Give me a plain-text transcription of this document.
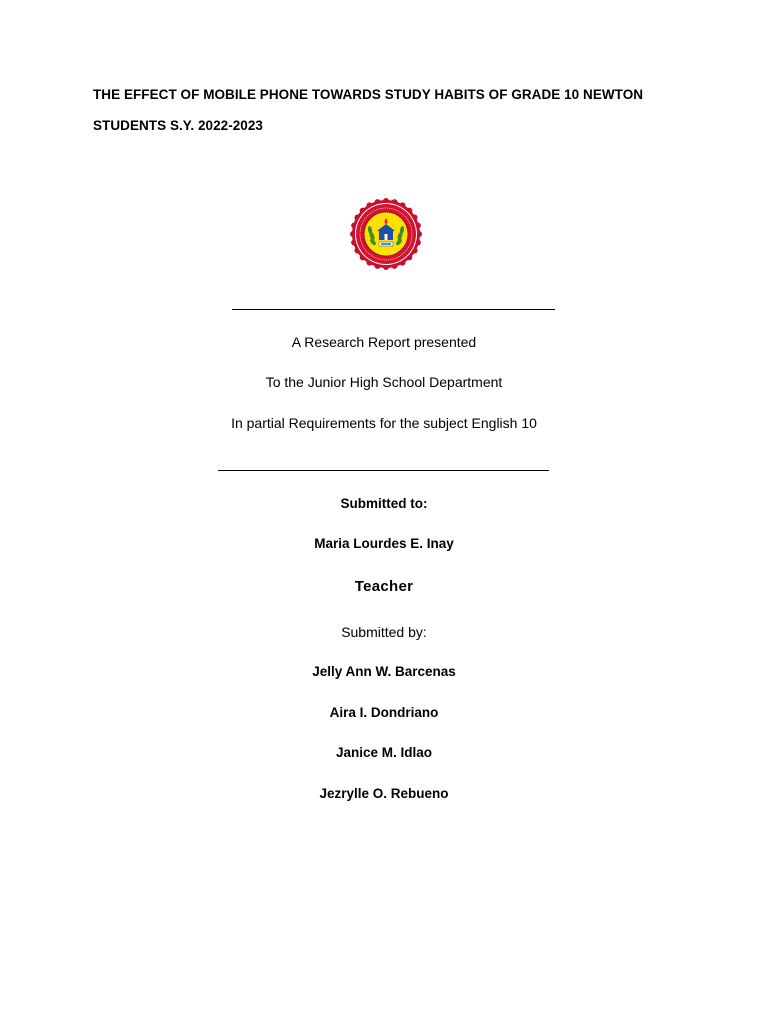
THE EFFECT OF MOBILE PHONE TOWARDS STUDY HABITS OF GRADE 10 NEWTON
STUDENTS S.Y. 2022-2023
A Research Report presented
To the Junior High School Department
In partial Requirements for the subject English 10
Submitted to:
Maria Lourdes E. Inay
Teacher
Submitted by:
Jelly Ann W. Barcenas
Aira I. Dondriano
Janice M. Idlao
Jezrylle O. Rebueno
